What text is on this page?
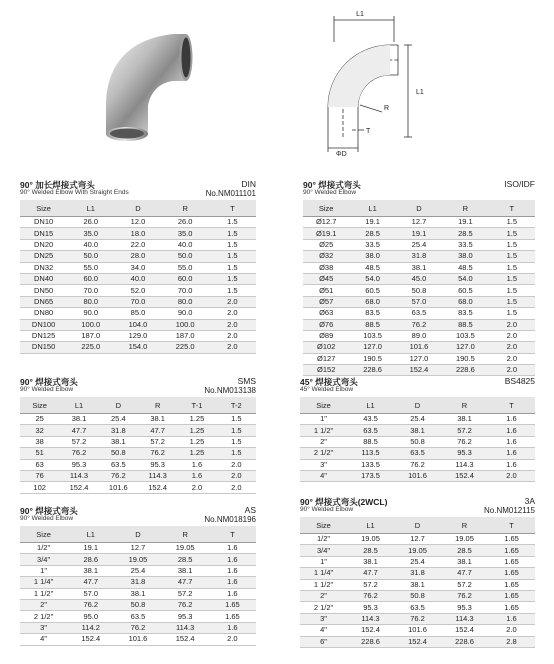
L1
L1
R
T
ΦD
90° 加长焊接式弯头
90° Welded Elbow With Straight Ends
DIN
No.NM011101
Size	L1	D	R	T
DN10	26.0	12.0	26.0	1.5
DN15	35.0	18.0	35.0	1.5
DN20	40.0	22.0	40.0	1.5
DN25	50.0	28.0	50.0	1.5
DN32	55.0	34.0	55.0	1.5
DN40	60.0	40.0	60.0	1.5
DN50	70.0	52.0	70.0	1.5
DN65	80.0	70.0	80.0	2.0
DN80	90.0	85.0	90.0	2.0
DN100	100.0	104.0	100.0	2.0
DN125	187.0	129.0	187.0	2.0
DN150	225.0	154.0	225.0	2.0
90° 焊接式弯头
90° Welded Elbow
ISO/IDF
Size	L1	D	R	T
Ø12.7	19.1	12.7	19.1	1.5
Ø19.1	28.5	19.1	28.5	1.5
Ø25	33.5	25.4	33.5	1.5
Ø32	38.0	31.8	38.0	1.5
Ø38	48.5	38.1	48.5	1.5
Ø45	54.0	45.0	54.0	1.5
Ø51	60.5	50.8	60.5	1.5
Ø57	68.0	57.0	68.0	1.5
Ø63	83.5	63.5	83.5	1.5
Ø76	88.5	76.2	88.5	2.0
Ø89	103.5	89.0	103.5	2.0
Ø102	127.0	101.6	127.0	2.0
Ø127	190.5	127.0	190.5	2.0
Ø152	228.6	152.4	228.6	2.0
90° 焊接式弯头
90° Welded Elbow
SMS
No.NM013138
Size	L1	D	R	T-1	T-2
25	38.1	25.4	38.1	1.25	1.5
32	47.7	31.8	47.7	1.25	1.5
38	57.2	38.1	57.2	1.25	1.5
51	76.2	50.8	76.2	1.25	1.5
63	95.3	63.5	95.3	1.6	2.0
76	114.3	76.2	114.3	1.6	2.0
102	152.4	101.6	152.4	2.0	2.0
45° 焊接式弯头
45° Welded Elbow
BS4825
Size	L1	D	R	T
1"	43.5	25.4	38.1	1.6
1 1/2"	63.5	38.1	57.2	1.6
2"	88.5	50.8	76.2	1.6
2 1/2"	113.5	63.5	95.3	1.6
3"	133.5	76.2	114.3	1.6
4"	173.5	101.6	152.4	2.0
90° 焊接式弯头
90° Welded Elbow
AS
No.NM018196
Size	L1	D	R	T
1/2"	19.1	12.7	19.05	1.6
3/4"	28.6	19.05	28.5	1.6
1"	38.1	25.4	38.1	1.6
1 1/4"	47.7	31.8	47.7	1.6
1 1/2"	57.0	38.1	57.2	1.6
2"	76.2	50.8	76.2	1.65
2 1/2"	95.0	63.5	95.3	1.65
3"	114.2	76.2	114.3	1.6
4"	152.4	101.6	152.4	2.0
90° 焊接式弯头(2WCL)
90° Welded Elbow
3A
No.NM012115
Size	L1	D	R	T
1/2"	19.05	12.7	19.05	1.65
3/4"	28.5	19.05	28.5	1.65
1"	38.1	25.4	38.1	1.65
1 1/4"	47.7	31.8	47.7	1.65
1 1/2"	57.2	38.1	57.2	1.65
2"	76.2	50.8	76.2	1.65
2 1/2"	95.3	63.5	95.3	1.65
3"	114.3	76.2	114.3	1.6
4"	152.4	101.6	152.4	2.0
6"	228.6	152.4	228.6	2.8
